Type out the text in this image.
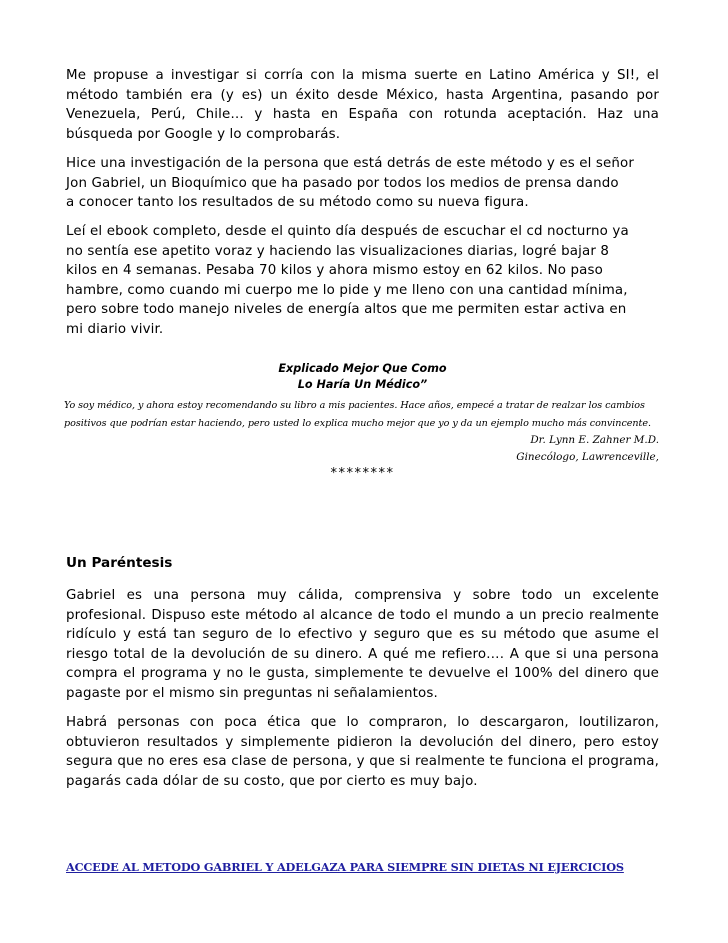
Me propuse a investigar si corría con la misma suerte en Latino América y SI!, el método también era (y es) un éxito desde México, hasta Argentina, pasando por Venezuela, Perú, Chile… y hasta en España con rotunda aceptación. Haz una búsqueda por Google y lo comprobarás.

Hice una investigación de la persona que está detrás de este método y es el señor
Jon Gabriel, un Bioquímico que ha pasado por todos los medios de prensa dando
a conocer tanto los resultados de su método como su nueva figura.

Leí el ebook completo, desde el quinto día después de escuchar el cd nocturno ya
no sentía ese apetito voraz y haciendo las visualizaciones diarias, logré bajar 8
kilos en 4 semanas. Pesaba 70 kilos y ahora mismo estoy en 62 kilos. No paso
hambre, como cuando mi cuerpo me lo pide y me lleno con una cantidad mínima,
pero sobre todo manejo niveles de energía altos que me permiten estar activa en
mi diario vivir.

Explicado Mejor Que Como
Lo Haría Un Médico”

Yo soy médico, y ahora estoy recomendando su libro a mis pacientes. Hace años, empecé a tratar de realzar los cambios
positivos que podrían estar haciendo, pero usted lo explica mucho mejor que yo y da un ejemplo mucho más convincente.

Dr. Lynn E. Zahner M.D.
Ginecólogo, Lawrenceville,

********

Un Paréntesis

Gabriel es una persona muy cálida, comprensiva y sobre todo un excelente profesional. Dispuso este método al alcance de todo el mundo a un precio realmente ridículo y está tan seguro de lo efectivo y seguro que es su método que asume el riesgo total de la devolución de su dinero. A qué me refiero…. A que si una persona compra el programa y no le gusta, simplemente te devuelve el 100% del dinero que pagaste por el mismo sin preguntas ni señalamientos.

Habrá personas con poca ética que lo compraron, lo descargaron, loutilizaron, obtuvieron resultados y simplemente pidieron la devolución del dinero, pero estoy segura que no eres esa clase de persona, y que si realmente te funciona el programa, pagarás cada dólar de su costo, que por cierto es muy bajo.

ACCEDE AL METODO GABRIEL Y ADELGAZA PARA SIEMPRE SIN DIETAS NI EJERCICIOS
